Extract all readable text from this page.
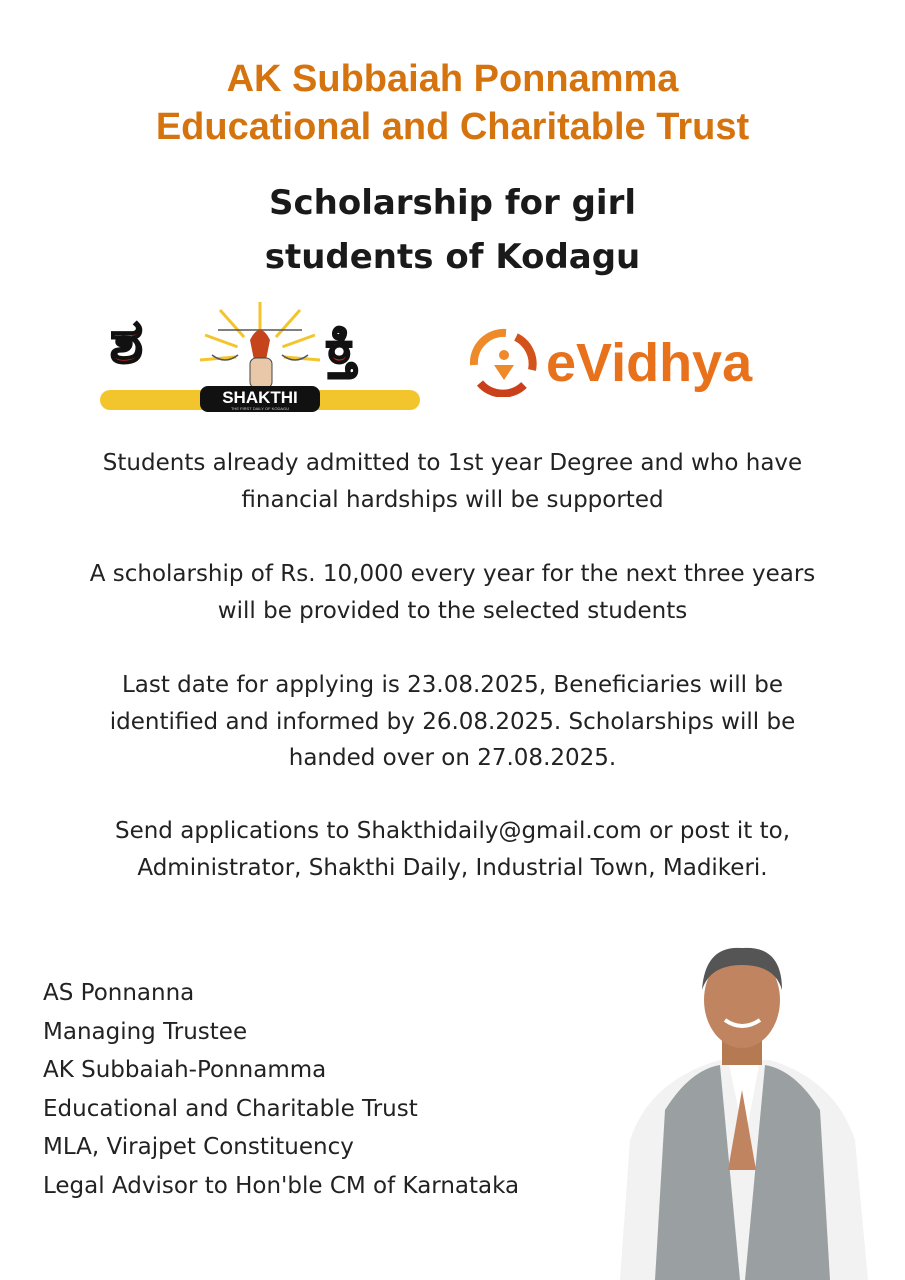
AK Subbaiah Ponnamma
Educational and Charitable Trust
Scholarship for girl
students of Kodagu
ಶ	ಕ್ತಿ
SHAKTHI
THE FIRST DAILY OF KODAGU
eVidhya
Students already admitted to 1st year Degree and who have
financial hardships will be supported
A scholarship of Rs. 10,000 every year for the next three years
will be provided to the selected students
Last date for applying is 23.08.2025, Beneficiaries will be
identified and informed by 26.08.2025. Scholarships will be
handed over on 27.08.2025.
Send applications to Shakthidaily@gmail.com or post it to,
Administrator, Shakthi Daily, Industrial Town, Madikeri.
AS Ponnanna
Managing Trustee
AK Subbaiah-Ponnamma
Educational and Charitable Trust
MLA, Virajpet Constituency
Legal Advisor to Hon'ble CM of Karnataka
